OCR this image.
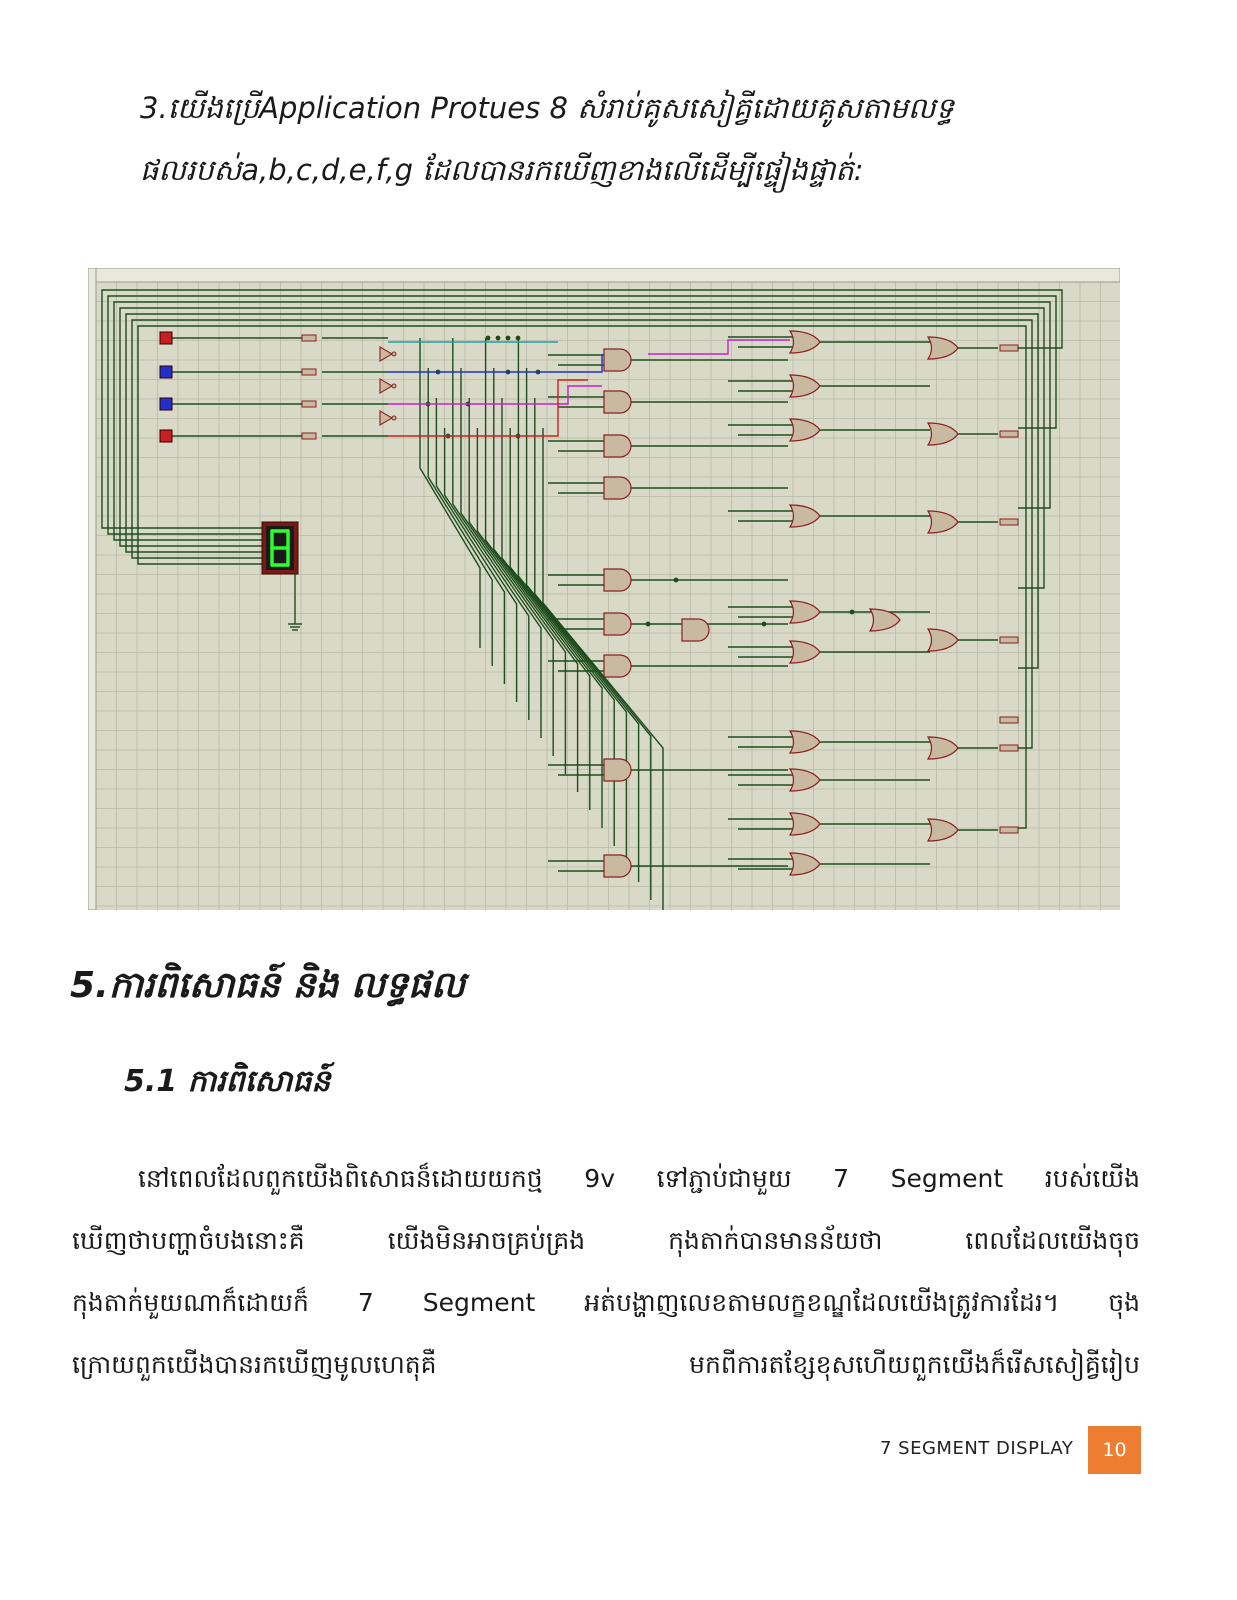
3.យើងប្រើApplication Protues 8 សំរាប់គូសសៀគ្វីដោយគូសតាមលទ្ធ
ផលរបស់a,b,c,d,e,f,g ដែលបានរកឃើញខាងលើដើម្បីផ្ទៀងផ្ទាត់:
8
5.ការពិសោធន៍ និង លទ្ធផល
5.1 ការពិសោធន៍
នៅពេលដែលពួកយើងពិសោធន៏ដោយយកថ្ម 9v ទៅភ្ជាប់ជាមួយ 7 Segment របស់យើង
ឃើញថាបញ្ហាចំបងនោះគឺ យើងមិនអាចគ្រប់គ្រង កុងតាក់បានមានន័យថា ពេលដែលយើងចុច
កុងតាក់មួយណាក៏ដោយក៏ 7 Segment អត់បង្ហាញលេខតាមលក្ខខណ្ឌដែលយើងត្រូវការដែរ។ ចុង
ក្រោយពួកយើងបានរកឃើញមូលហេតុគឺ មកពីការតខ្សែខុសហើយពួកយើងក៏រើសសៀគ្វីរៀប
7 SEGMENT DISPLAY	10
